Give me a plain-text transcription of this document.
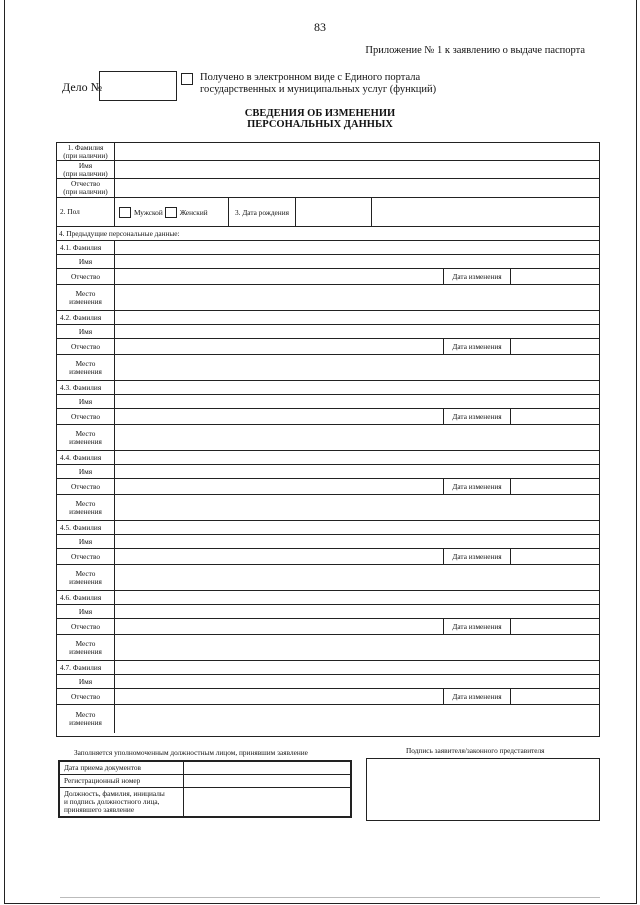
83
Приложение № 1 к заявлению о выдаче паспорта
Дело №
Получено в электронном виде с Единого портала
государственных и муниципальных услуг (функций)
СВЕДЕНИЯ ОБ ИЗМЕНЕНИИ
ПЕРСОНАЛЬНЫХ ДАННЫХ
1. Фамилия
(при наличии)
Имя
(при наличии)
Отчество
(при наличии)
2. Пол	Мужской Женский	3. Дата рождения
4. Предыдущие персональные данные:
4.1. Фамилия
Имя
Отчество	Дата изменения
Место
изменения
4.2. Фамилия
Имя
Отчество	Дата изменения
Место
изменения
4.3. Фамилия
Имя
Отчество	Дата изменения
Место
изменения
4.4. Фамилия
Имя
Отчество	Дата изменения
Место
изменения
4.5. Фамилия
Имя
Отчество	Дата изменения
Место
изменения
4.6. Фамилия
Имя
Отчество	Дата изменения
Место
изменения
4.7. Фамилия
Имя
Отчество	Дата изменения
Место
изменения
Заполняется уполномоченным должностным лицом, принявшим заявление	Подпись заявителя/законного представителя
Дата приема документов
Регистрационный номер
Должность, фамилия, инициалы
и подпись должностного лица,
принявшего заявление
